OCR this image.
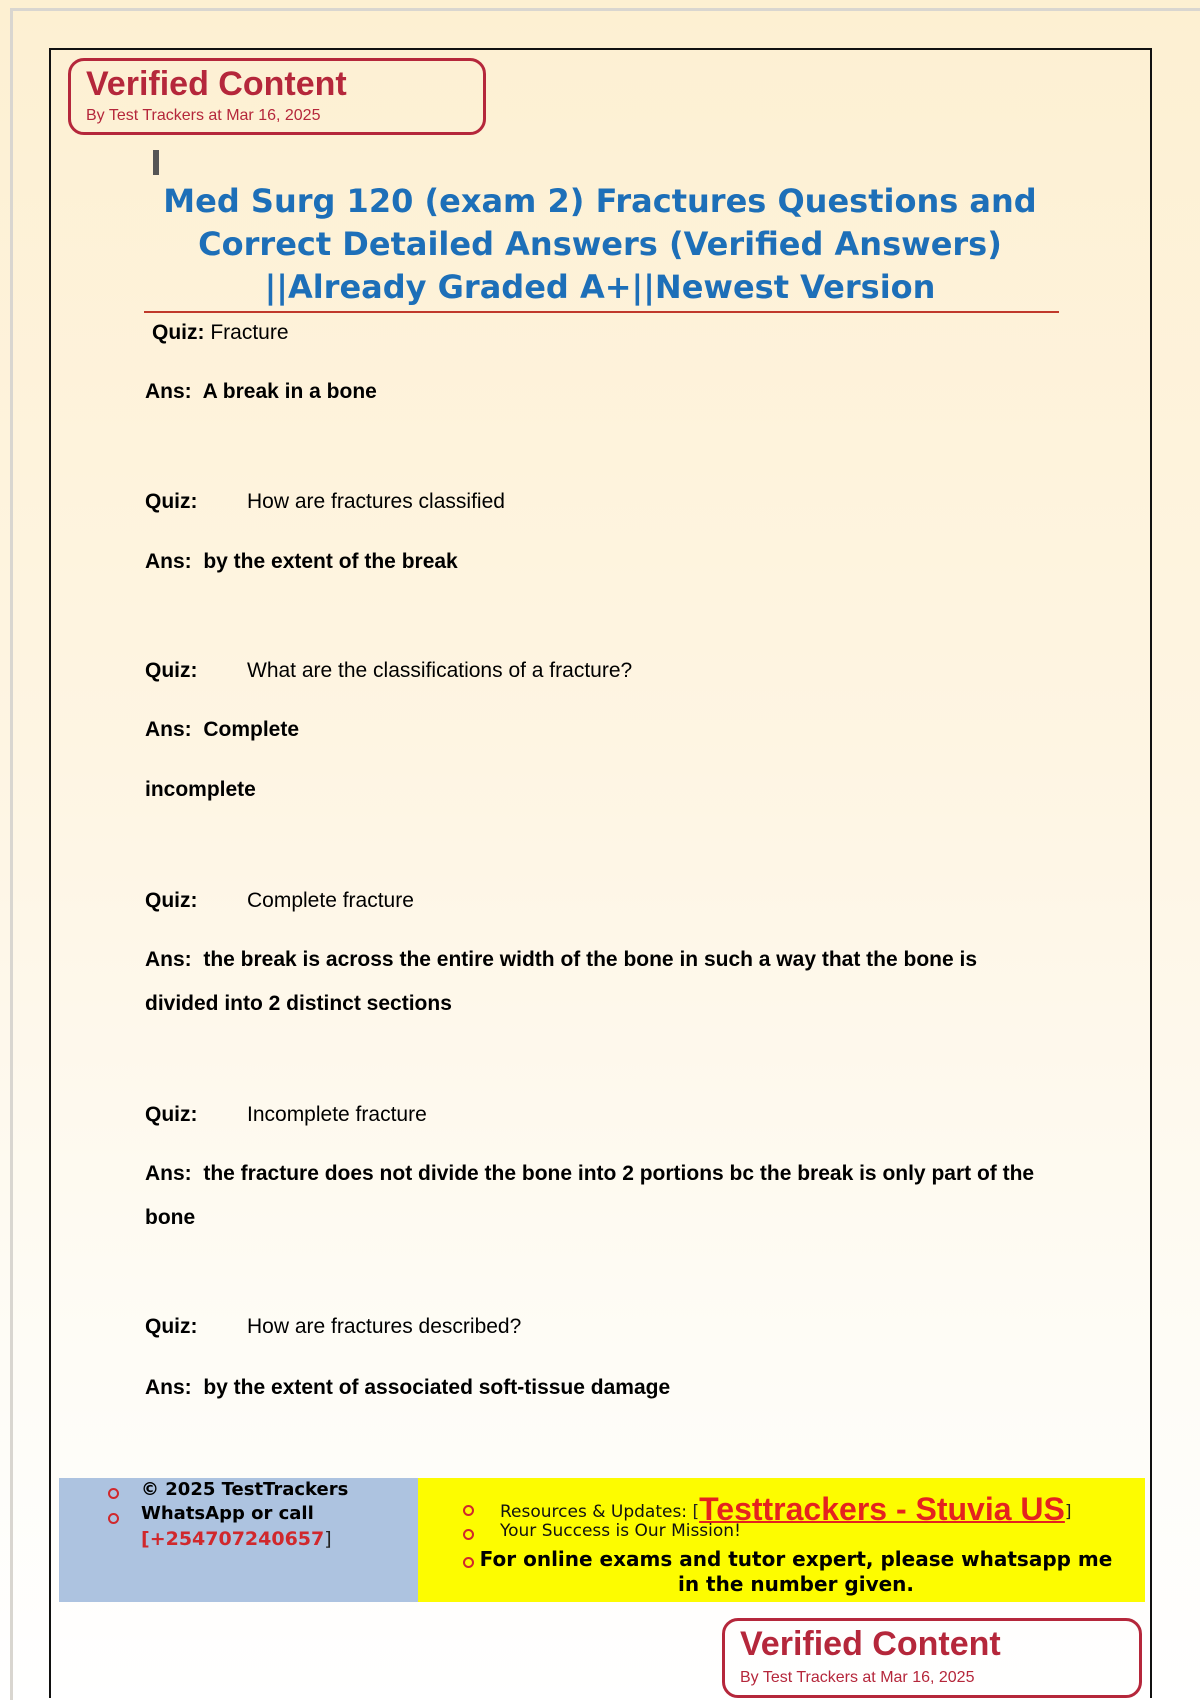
Verified Content
By Test Trackers at Mar 16, 2025
Med Surg 120 (exam 2) Fractures Questions and
Correct Detailed Answers (Verified Answers)
||Already Graded A+||Newest Version
Quiz: Fracture
Ans: A break in a bone
Quiz: How are fractures classified
Ans: by the extent of the break
Quiz: What are the classifications of a fracture?
Ans: Complete
incomplete
Quiz: Complete fracture
Ans: the break is across the entire width of the bone in such a way that the bone is
divided into 2 distinct sections
Quiz: Incomplete fracture
Ans: the fracture does not divide the bone into 2 portions bc the break is only part of the
bone
Quiz: How are fractures described?
Ans: by the extent of associated soft-tissue damage
© 2025 TestTrackers
WhatsApp or call
[+254707240657]
Resources & Updates: [Testtrackers - Stuvia US]
Your Success is Our Mission!
For online exams and tutor expert, please whatsapp me in the number given.
Verified Content
By Test Trackers at Mar 16, 2025
